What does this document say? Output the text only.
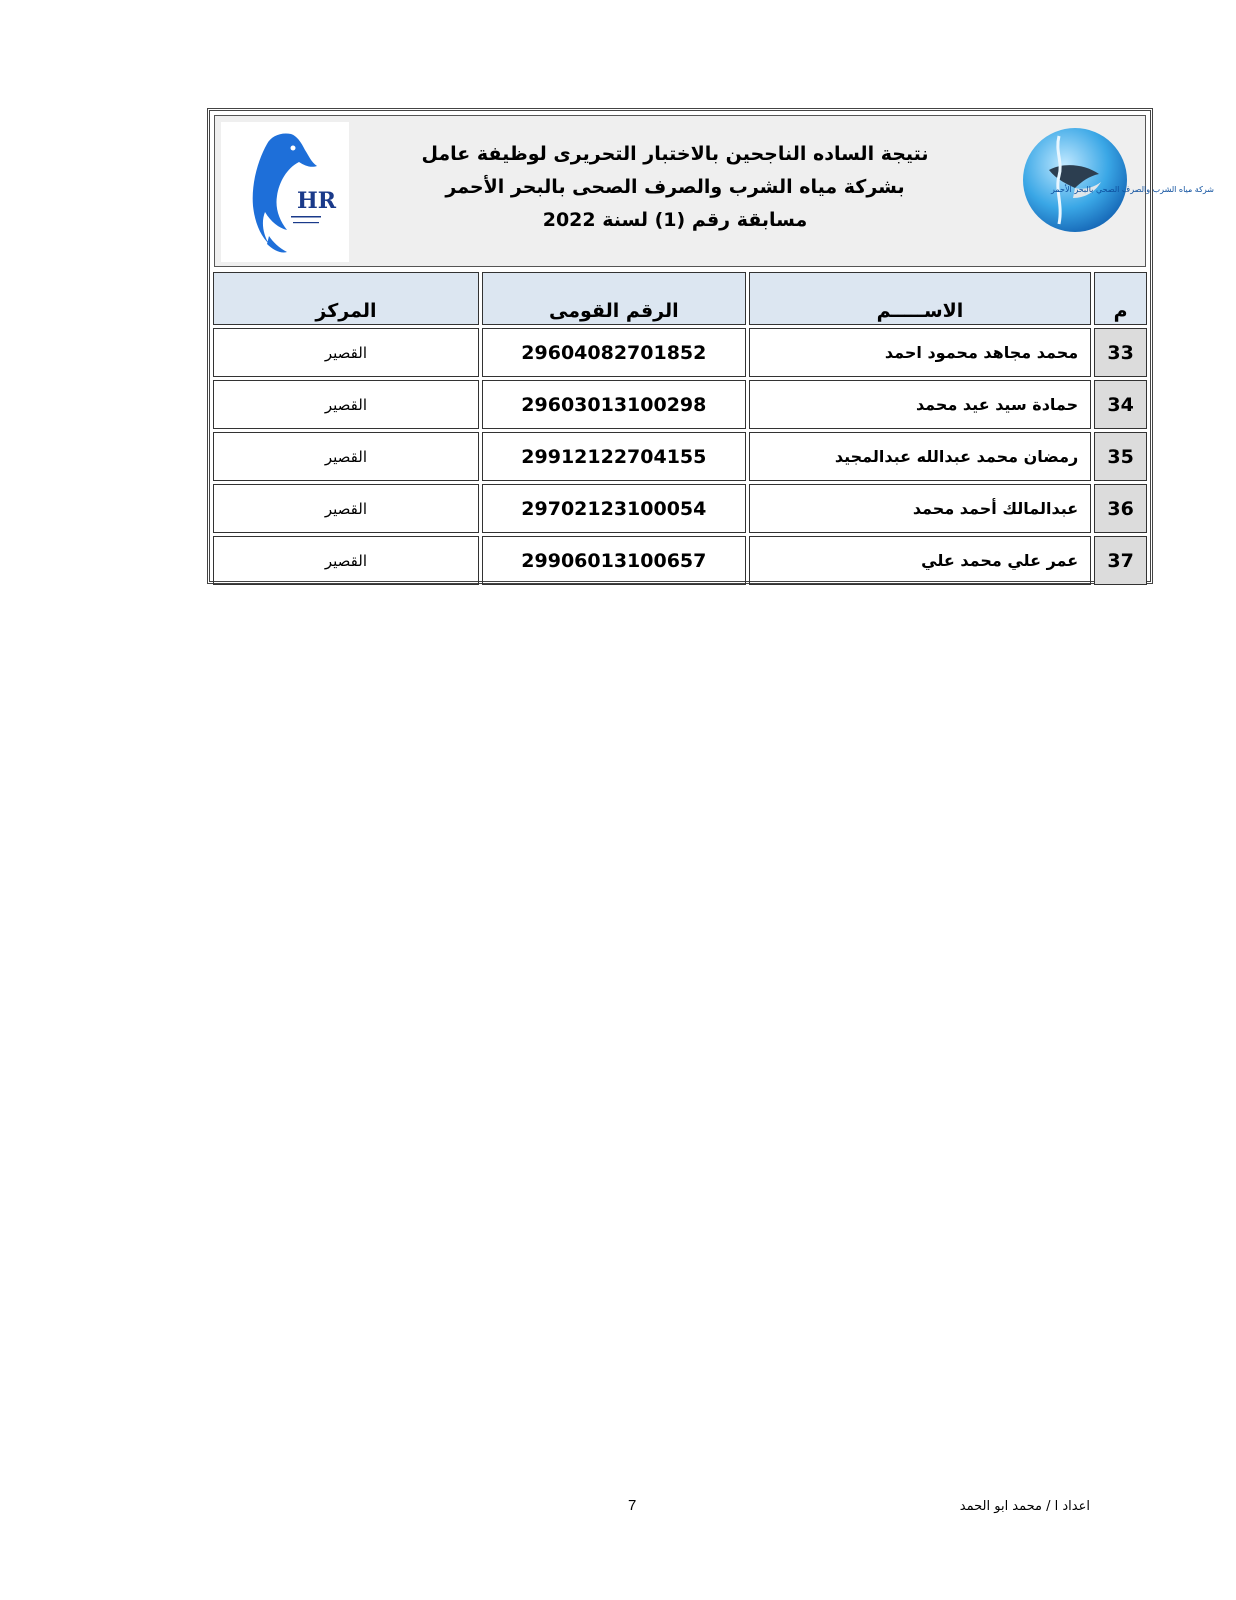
HR
نتيجة الساده الناجحين بالاختبار التحريرى لوظيفة عامل
بشركة مياه الشرب والصرف الصحى بالبحر الأحمر
مسابقة رقم (1) لسنة 2022
شركة مياه الشرب والصرف الصحي بالبحر الأحمر
م	الاســـــم	الرقم القومى	المركز
33	محمد مجاهد محمود احمد	29604082701852	القصير
34	حمادة سيد عيد محمد	29603013100298	القصير
35	رمضان محمد عبدالله عبدالمجيد	29912122704155	القصير
36	عبدالمالك أحمد محمد	29702123100054	القصير
37	عمر علي محمد علي	29906013100657	القصير
7	اعداد ا / محمد ابو الحمد
